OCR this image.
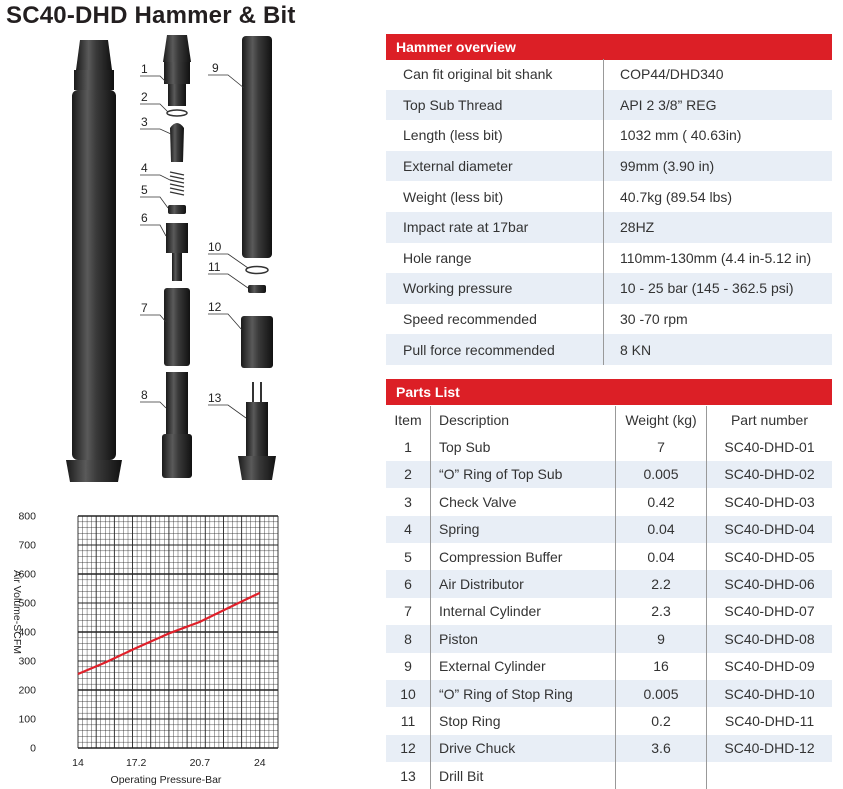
SC40-DHD Hammer & Bit
1
2
3
4
5
6
7
8
9
10
11
12
13
0
100
200
300
400
500
600
700
800
14	17.2	20.7	24
Air Volume-SCFM
Operating Pressure-Bar
Hammer overview
Can fit original bit shank	COP44/DHD340
Top Sub Thread	API 2 3/8” REG
Length (less bit)	1032 mm ( 40.63in)
External diameter	99mm (3.90 in)
Weight (less bit)	40.7kg (89.54 lbs)
Impact rate at 17bar	28HZ
Hole range	110mm-130mm (4.4 in-5.12 in)
Working pressure	10 - 25 bar (145 - 362.5 psi)
Speed recommended	30 -70 rpm
Pull force recommended	8 KN
Parts List
Item	Description	Weight (kg)	Part number
1	Top Sub	7	SC40-DHD-01
2	“O” Ring of Top Sub	0.005	SC40-DHD-02
3	Check Valve	0.42	SC40-DHD-03
4	Spring	0.04	SC40-DHD-04
5	Compression Buffer	0.04	SC40-DHD-05
6	Air Distributor	2.2	SC40-DHD-06
7	Internal Cylinder	2.3	SC40-DHD-07
8	Piston	9	SC40-DHD-08
9	External Cylinder	16	SC40-DHD-09
10	“O” Ring of Stop Ring	0.005	SC40-DHD-10
11	Stop Ring	0.2	SC40-DHD-11
12	Drive Chuck	3.6	SC40-DHD-12
13	Drill Bit		
